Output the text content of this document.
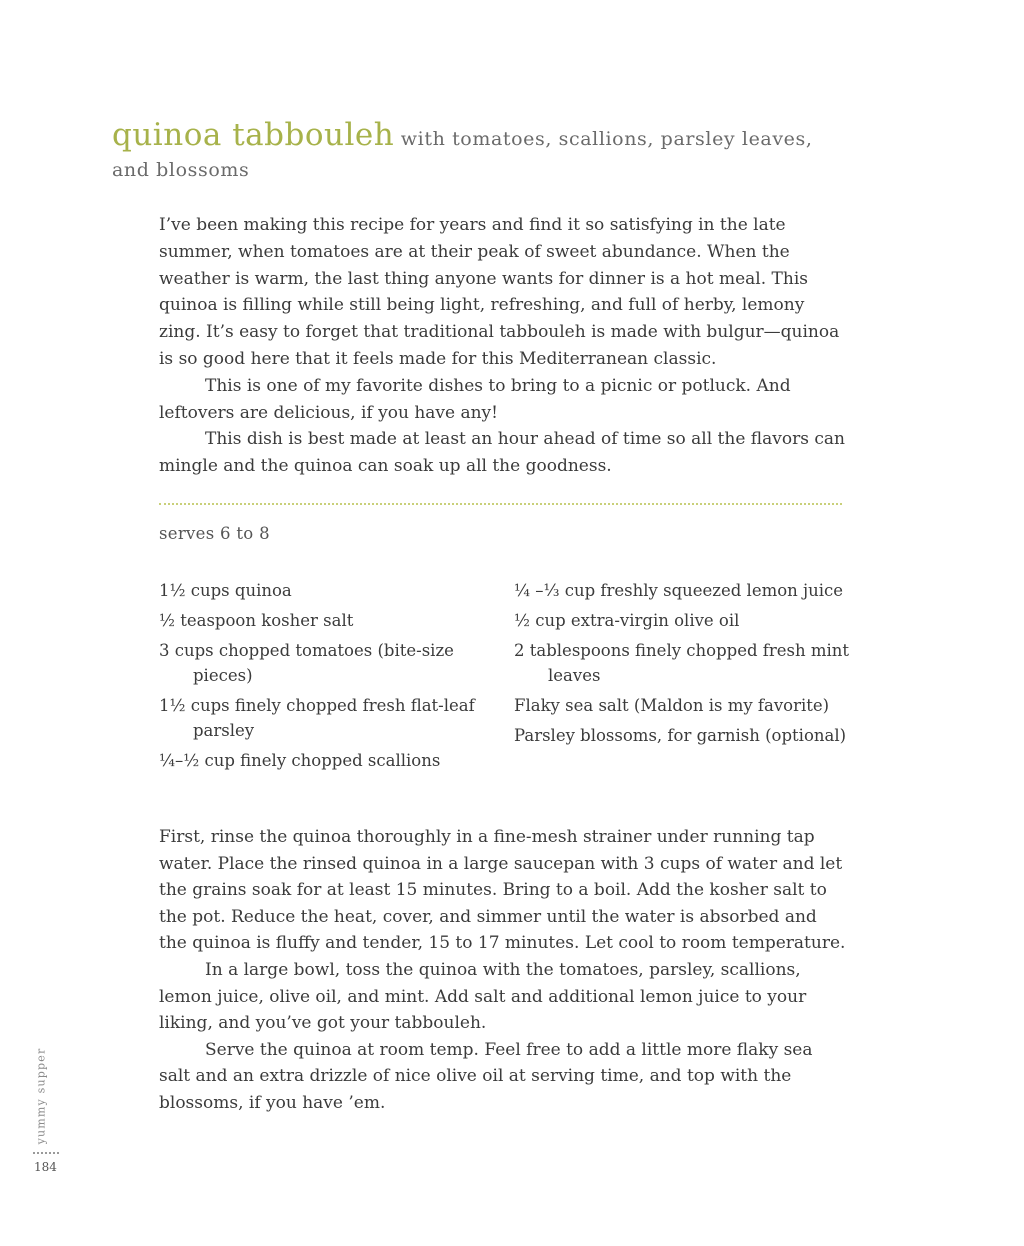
quinoa tabbouleh with tomatoes, scallions, parsley leaves, and blossoms

I’ve been making this recipe for years and find it so satisfying in the late summer, when tomatoes are at their peak of sweet abundance. When the weather is warm, the last thing anyone wants for dinner is a hot meal. This quinoa is filling while still being light, refreshing, and full of herby, lemony zing. It’s easy to forget that traditional tabbouleh is made with bulgur—quinoa is so good here that it feels made for this Mediterranean classic.

This is one of my favorite dishes to bring to a picnic or potluck. And leftovers are delicious, if you have any!

This dish is best made at least an hour ahead of time so all the flavors can mingle and the quinoa can soak up all the goodness.

serves 6 to 8
1½ cups quinoa
½ teaspoon kosher salt
3 cups chopped tomatoes (bite-size pieces)
1½ cups finely chopped fresh flat-leaf parsley
¼–½ cup finely chopped scallions
¼ –⅓ cup freshly squeezed lemon juice
½ cup extra-virgin olive oil
2 tablespoons finely chopped fresh mint leaves
Flaky sea salt (Maldon is my favorite)
Parsley blossoms, for garnish (optional)

First, rinse the quinoa thoroughly in a fine-mesh strainer under running tap water. Place the rinsed quinoa in a large saucepan with 3 cups of water and let the grains soak for at least 15 minutes. Bring to a boil. Add the kosher salt to the pot. Reduce the heat, cover, and simmer until the water is absorbed and the quinoa is fluffy and tender, 15 to 17 minutes. Let cool to room temperature.

In a large bowl, toss the quinoa with the tomatoes, parsley, scallions, lemon juice, olive oil, and mint. Add salt and additional lemon juice to your liking, and you’ve got your tabbouleh.

Serve the quinoa at room temp. Feel free to add a little more flaky sea salt and an extra drizzle of nice olive oil at serving time, and top with the blossoms, if you have ’em.

yummy supper
184
